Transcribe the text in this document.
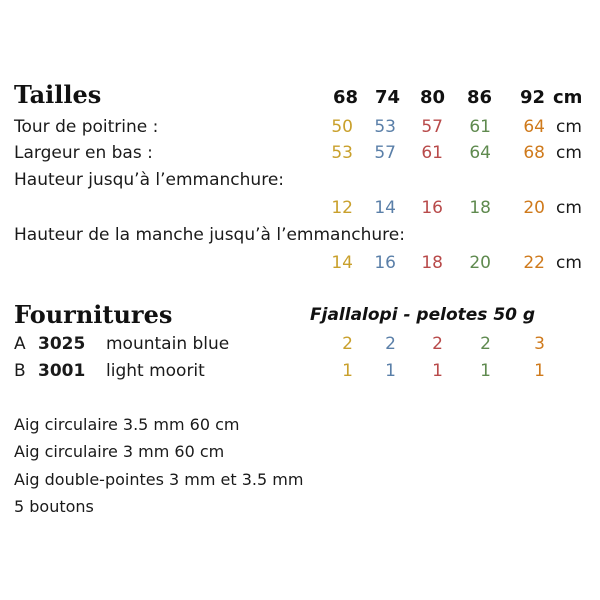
Tailles	68 74	80	86	92 cm
Tour de poitrine :	50	53	57	61	64 cm
Largeur en bas :	53	57	61	64	68 cm
Hauteur jusqu’à l’emmanchure:
12	14	16	18	20 cm
Hauteur de la manche jusqu’à l’emmanchure:
14	16	18	20	22 cm
Fournitures	Fjallalopi - pelotes 50 g
A 3025 mountain blue	2	2	2	2	3
B 3001 light moorit	1	1	1	1	1
Aig circulaire 3.5 mm 60 cm
Aig circulaire 3 mm 60 cm
Aig double-pointes 3 mm et 3.5 mm
5 boutons
